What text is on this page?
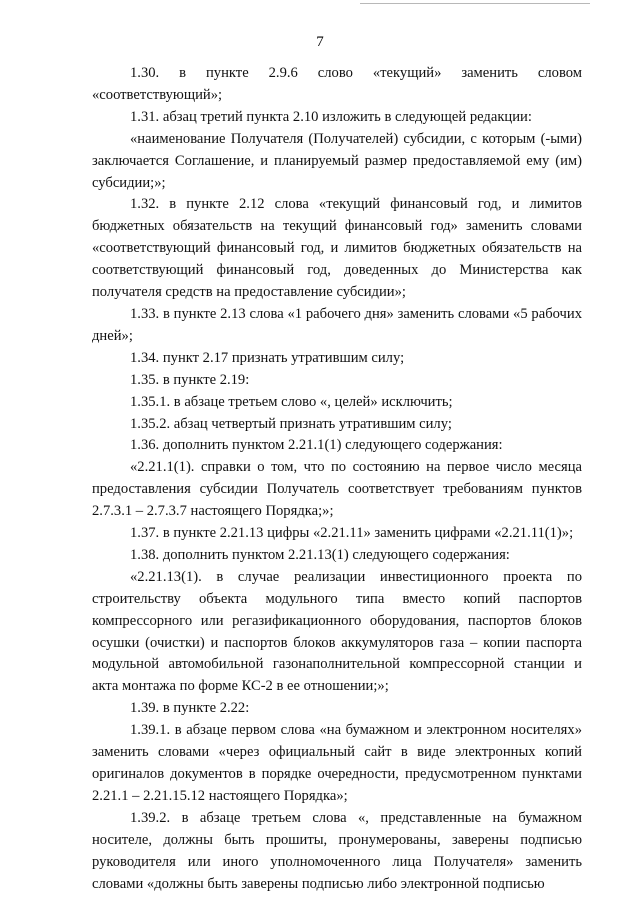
7

1.30. в пункте 2.9.6 слово «текущий» заменить словом «соответствующий»;

1.31. абзац третий пункта 2.10 изложить в следующей редакции:

«наименование Получателя (Получателей) субсидии, с которым (-ыми) заключается Соглашение, и планируемый размер предоставляемой ему (им) субсидии;»;

1.32. в пункте 2.12 слова «текущий финансовый год, и лимитов бюджетных обязательств на текущий финансовый год» заменить словами «соответствующий финансовый год, и лимитов бюджетных обязательств на соответствующий финансовый год, доведенных до Министерства как получателя средств на предоставление субсидии»;

1.33. в пункте 2.13 слова «1 рабочего дня» заменить словами «5 рабочих дней»;

1.34. пункт 2.17 признать утратившим силу;

1.35. в пункте 2.19:

1.35.1. в абзаце третьем слово «, целей» исключить;

1.35.2. абзац четвертый признать утратившим силу;

1.36. дополнить пунктом 2.21.1(1) следующего содержания:

«2.21.1(1). справки о том, что по состоянию на первое число месяца предоставления субсидии Получатель соответствует требованиям пунктов 2.7.3.1 – 2.7.3.7 настоящего Порядка;»;

1.37. в пункте 2.21.13 цифры «2.21.11» заменить цифрами «2.21.11(1)»;

1.38. дополнить пунктом 2.21.13(1) следующего содержания:

«2.21.13(1). в случае реализации инвестиционного проекта по строительству объекта модульного типа вместо копий паспортов компрессорного или регазификационного оборудования, паспортов блоков осушки (очистки) и паспортов блоков аккумуляторов газа – копии паспорта модульной автомобильной газонаполнительной компрессорной станции и акта монтажа по форме КС-2 в ее отношении;»;

1.39. в пункте 2.22:

1.39.1. в абзаце первом слова «на бумажном и электронном носителях» заменить словами «через официальный сайт в виде электронных копий оригиналов документов в порядке очередности, предусмотренном пунктами 2.21.1 – 2.21.15.12 настоящего Порядка»;

1.39.2. в абзаце третьем слова «, представленные на бумажном носителе, должны быть прошиты, пронумерованы, заверены подписью руководителя или иного уполномоченного лица Получателя» заменить словами «должны быть заверены подписью либо электронной подписью
